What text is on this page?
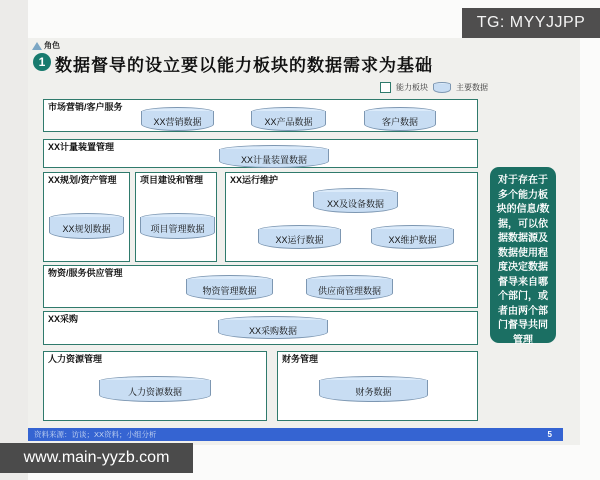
角色
1 数据督导的设立要以能力板块的数据需求为基础
能力板块	主要数据
市场营销/客户服务
XX营销数据	XX产品数据	客户数据
XX计量装置管理
XX计量装置数据
XX规划/资产管理
XX规划数据
项目建设和管理
项目管理数据
XX运行维护
XX及设备数据
XX运行数据	XX维护数据
物资/服务供应管理
物资管理数据	供应商管理数据
XX采购
XX采购数据
人力资源管理
人力资源数据
财务管理
财务数据
对于存在于多个能力板块的信息/数据，可以依据数据源及数据使用程度决定数据督导来自哪个部门，或者由两个部门督导共同管理
资料来源：访谈；XX资料；小组分析	5
TG: MYYJJPP
www.main-yyzb.com
